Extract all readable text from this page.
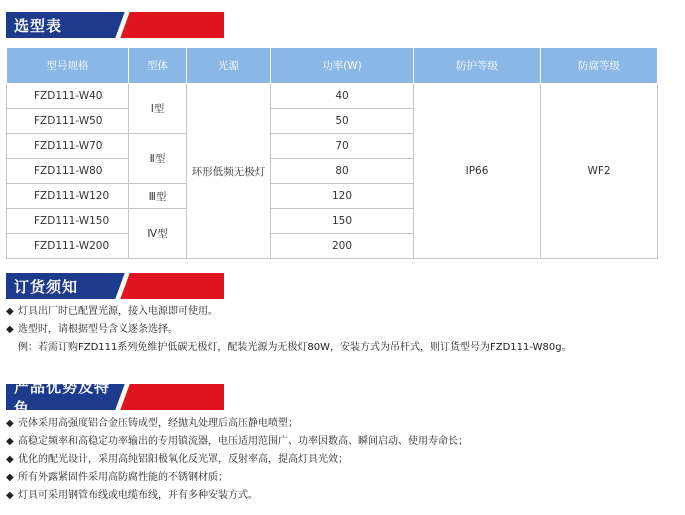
选型表
型号规格	型体	光源	功率(W)	防护等级	防腐等级
FZD111-W40	Ⅰ型	环形低频无极灯	40	IP66	WF2
FZD111-W50			50		
FZD111-W70	Ⅱ型		70		
FZD111-W80			80		
FZD111-W120	Ⅲ型		120		
FZD111-W150	Ⅳ型		150		
FZD111-W200			200		
订货须知
◆ 灯具出厂时已配置光源，接入电源即可使用。
◆ 选型时，请根据型号含义逐条选择。
例：若需订购FZD111系列免维护低碳无极灯，配装光源为无极灯80W，安装方式为吊杆式，则订货型号为FZD111-W80g。
产品优势及特色
◆ 壳体采用高强度铝合金压铸成型，经抛丸处理后高压静电喷塑；
◆ 高稳定频率和高稳定功率输出的专用镇流器，电压适用范围广、功率因数高、瞬间启动、使用寿命长；
◆ 优化的配光设计，采用高纯铝阳极氧化反光罩，反射率高，提高灯具光效；
◆ 所有外露紧固件采用高防腐性能的不锈钢材质；
◆ 灯具可采用钢管布线或电缆布线，并有多种安装方式。
